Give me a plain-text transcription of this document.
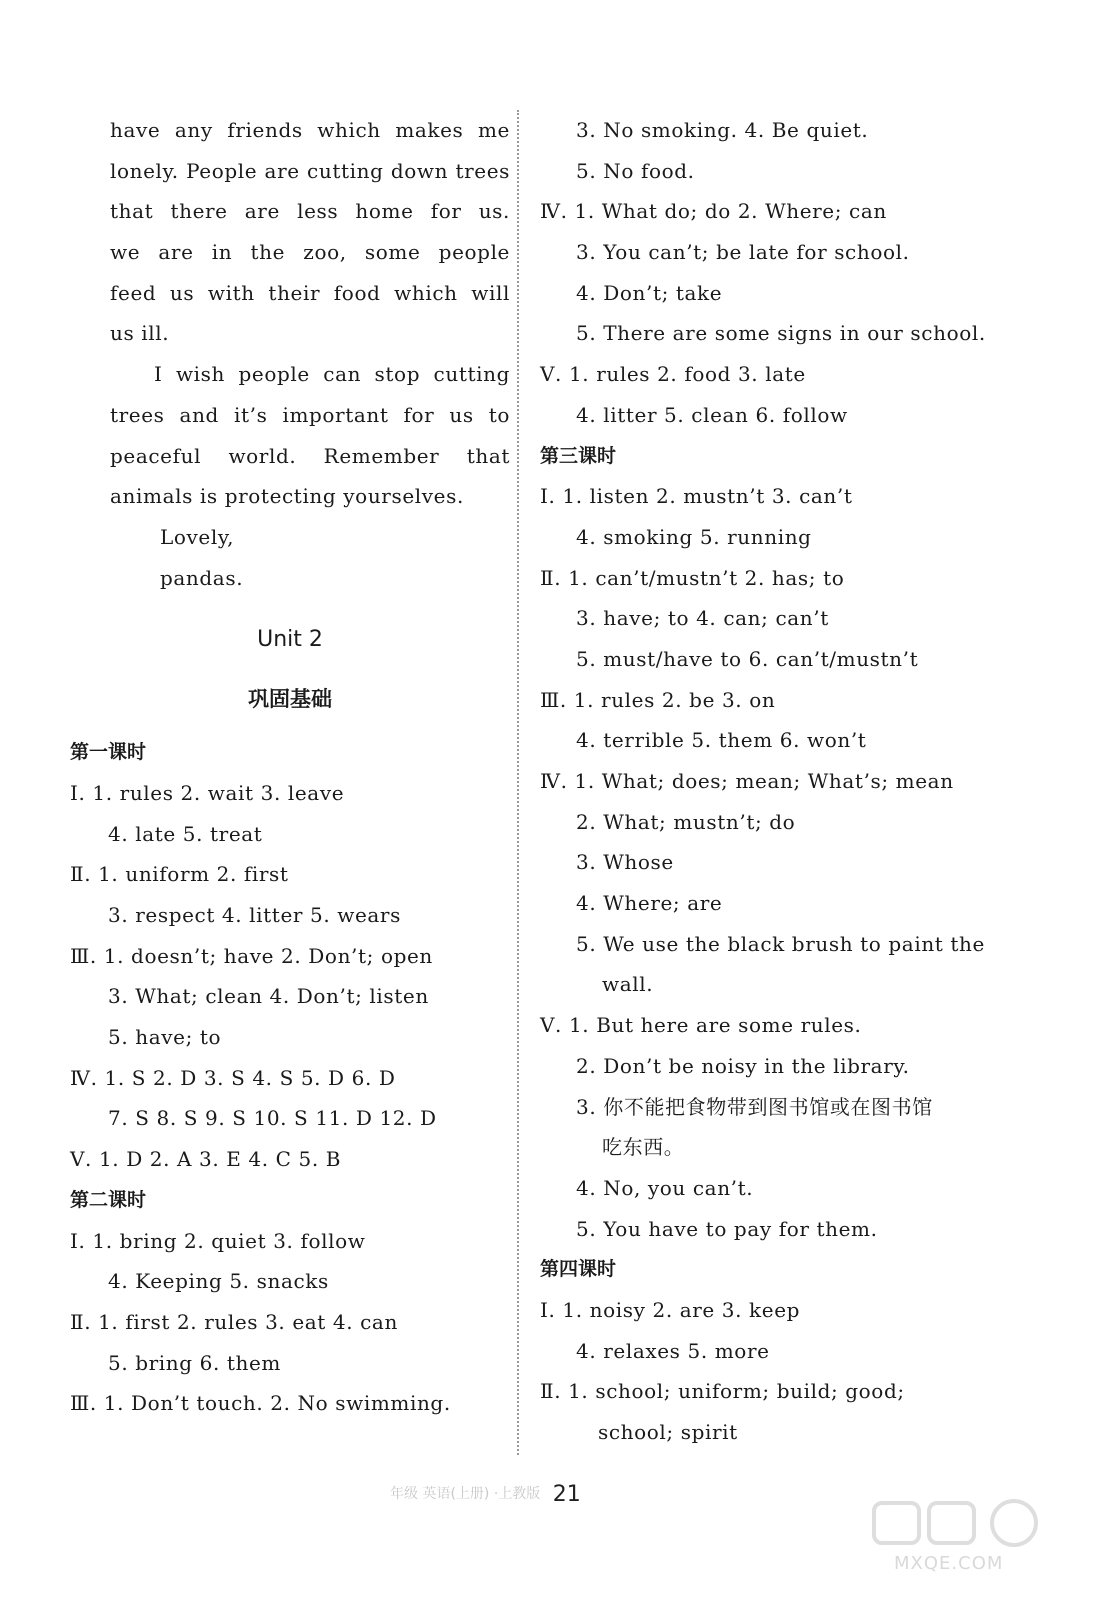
have any friends which makes me
lonely. People are cutting down trees
that there are less home for us.
we are in the zoo, some people
feed us with their food which will
us ill.
I wish people can stop cutting
trees and it’s important for us to
peaceful world. Remember that
animals is protecting yourselves.
Lovely,
pandas.
Unit 2
巩固基础
第一课时
Ⅰ. 1. rules 2. wait 3. leave
4. late 5. treat
Ⅱ. 1. uniform 2. first
3. respect 4. litter 5. wears
Ⅲ. 1. doesn’t; have 2. Don’t; open
3. What; clean 4. Don’t; listen
5. have; to
Ⅳ. 1. S 2. D 3. S 4. S 5. D 6. D
7. S 8. S 9. S 10. S 11. D 12. D
Ⅴ. 1. D 2. A 3. E 4. C 5. B
第二课时
Ⅰ. 1. bring 2. quiet 3. follow
4. Keeping 5. snacks
Ⅱ. 1. first 2. rules 3. eat 4. can
5. bring 6. them
Ⅲ. 1. Don’t touch. 2. No swimming.
3. No smoking. 4. Be quiet.
5. No food.
Ⅳ. 1. What do; do 2. Where; can
3. You can’t; be late for school.
4. Don’t; take
5. There are some signs in our school.
Ⅴ. 1. rules 2. food 3. late
4. litter 5. clean 6. follow
第三课时
Ⅰ. 1. listen 2. mustn’t 3. can’t
4. smoking 5. running
Ⅱ. 1. can’t/mustn’t 2. has; to
3. have; to 4. can; can’t
5. must/have to 6. can’t/mustn’t
Ⅲ. 1. rules 2. be 3. on
4. terrible 5. them 6. won’t
Ⅳ. 1. What; does; mean; What’s; mean
2. What; mustn’t; do
3. Whose
4. Where; are
5. We use the black brush to paint the
wall.
Ⅴ. 1. But here are some rules.
2. Don’t be noisy in the library.
3. 你不能把食物带到图书馆或在图书馆
吃东西。
4. No, you can’t.
5. You have to pay for them.
第四课时
Ⅰ. 1. noisy 2. are 3. keep
4. relaxes 5. more
Ⅱ. 1. school; uniform; build; good;
school; spirit
年级 英语(上册) ·上教版 21
MXQE.COM
